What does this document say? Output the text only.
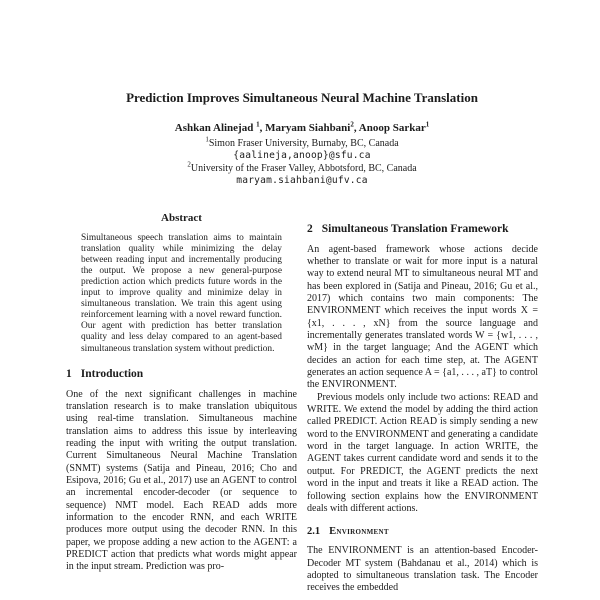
Prediction Improves Simultaneous Neural Machine Translation
Ashkan Alinejad $^1$, Maryam Siahbani$^2$, Anoop Sarkar$^1$
$^1$Simon Fraser University, Burnaby, BC, Canada
{aalineja,anoop}@sfu.ca
$^2$University of the Fraser Valley, Abbotsford, BC, Canada
maryam.siahbani@ufv.ca
Abstract

Simultaneous speech translation aims to maintain translation quality while minimizing the delay between reading input and incrementally producing the output. We propose a new general-purpose prediction action which predicts future words in the input to improve quality and minimize delay in simultaneous translation. We train this agent using reinforcement learning with a novel reward function. Our agent with prediction has better translation quality and less delay compared to an agent-based simultaneous translation system without prediction.

1 Introduction

One of the next significant challenges in machine translation research is to make translation ubiquitous using real-time translation. Simultaneous machine translation aims to address this issue by interleaving reading the input with writing the output translation. Current Simultaneous Neural Machine Translation (SNMT) systems (Satija and Pineau, 2016; Cho and Esipova, 2016; Gu et al., 2017) use an AGENT to control an incremental encoder-decoder (or sequence to sequence) NMT model. Each READ adds more information to the encoder RNN, and each WRITE produces more output using the decoder RNN. In this paper, we propose adding a new action to the AGENT: a PREDICT action that predicts what words might appear in the input stream. Prediction was pro-

2 Simultaneous Translation Framework

An agent-based framework whose actions decide whether to translate or wait for more input is a natural way to extend neural MT to simultaneous neural MT and has been explored in (Satija and Pineau, 2016; Gu et al., 2017) which contains two main components: The ENVIRONMENT which receives the input words X = {x1, . . . , xN} from the source language and incrementally generates translated words W = {w1, . . . , wM} in the target language; And the AGENT which decides an action for each time step, at. The AGENT generates an action sequence A = {a1, . . . , aT} to control the ENVIRONMENT.

Previous models only include two actions: READ and WRITE. We extend the model by adding the third action called PREDICT. Action READ is simply sending a new word to the ENVIRONMENT and generating a candidate word in the target language. In action WRITE, the AGENT takes current candidate word and sends it to the output. For PREDICT, the AGENT predicts the next word in the input and treats it like a READ action. The following section explains how the ENVIRONMENT deals with different actions.

2.1 Environment

The ENVIRONMENT is an attention-based Encoder-Decoder MT system (Bahdanau et al., 2014) which is adopted to simultaneous translation task. The Encoder receives the embedded
